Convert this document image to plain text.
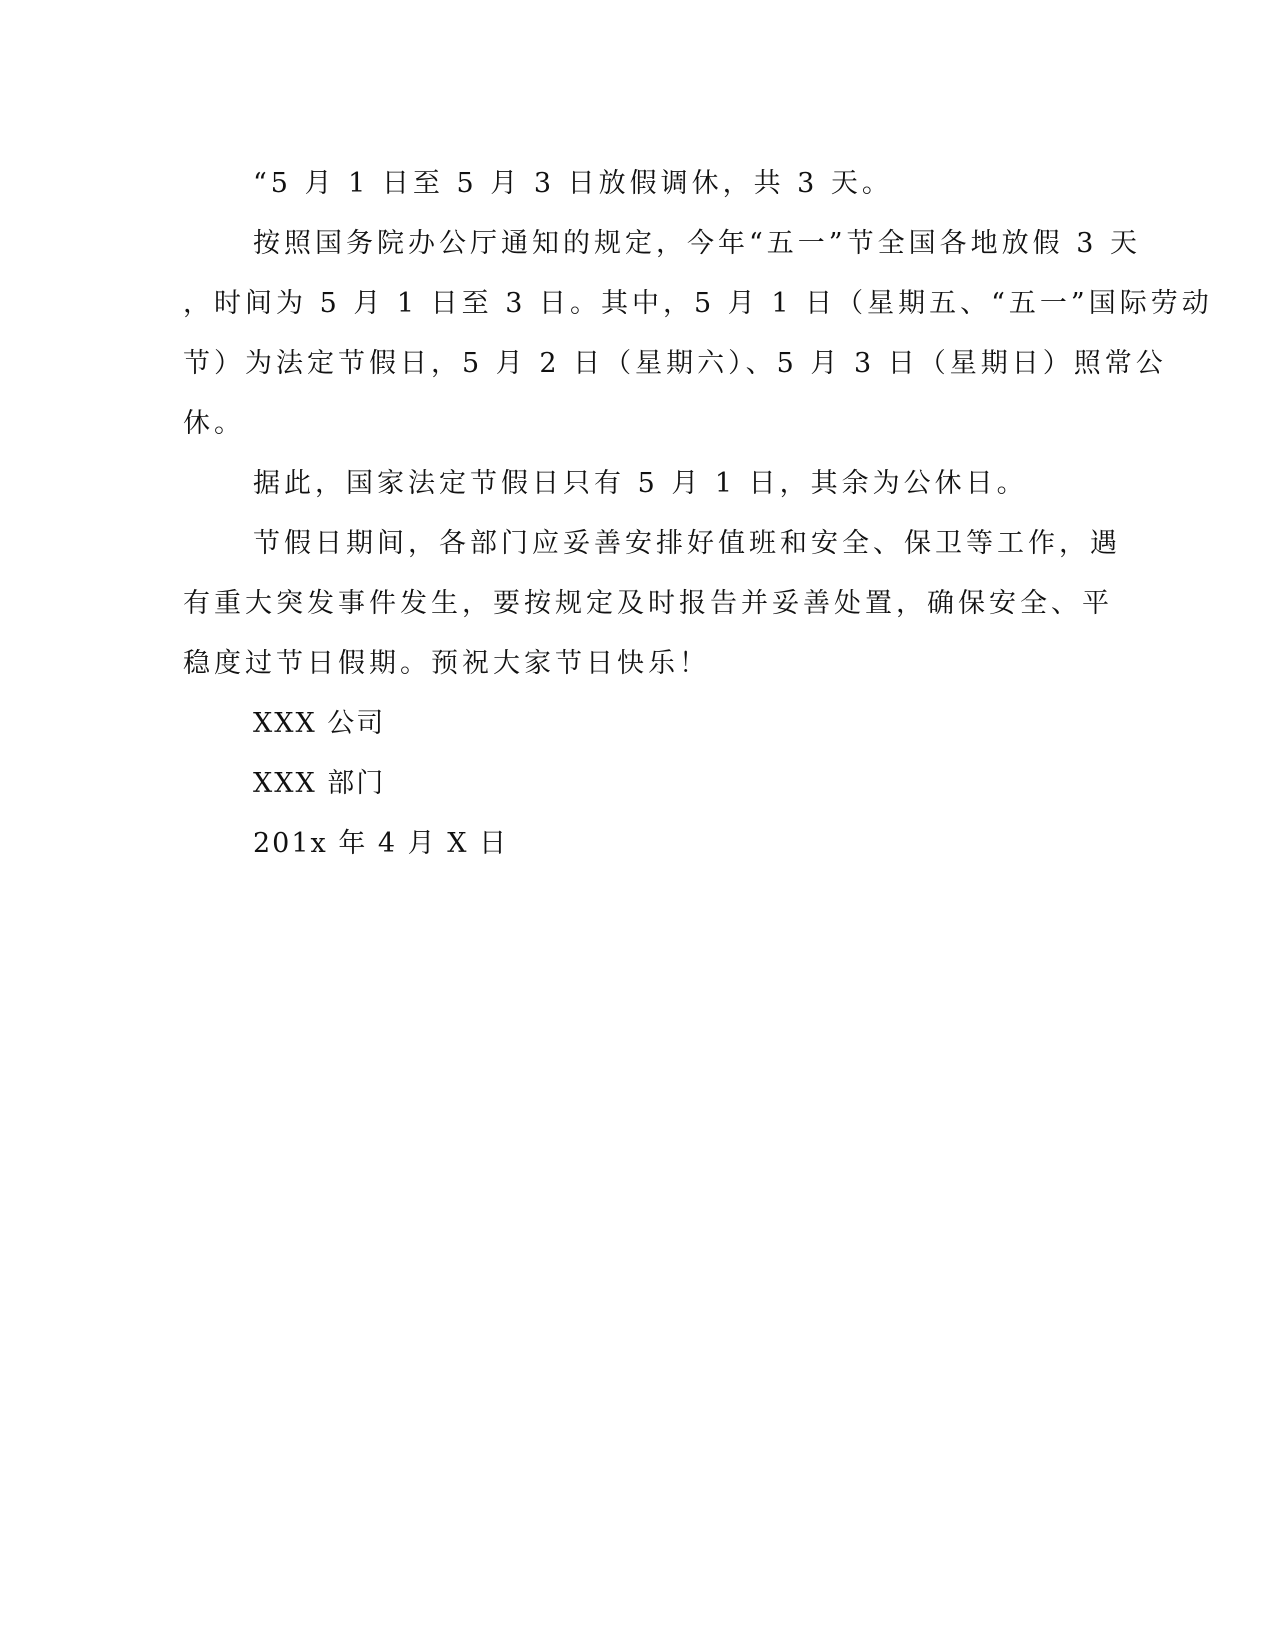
“5 月 1 日至 5 月 3 日放假调休，共 3 天。
按照国务院办公厅通知的规定，今年“五一”节全国各地放假 3 天
，时间为 5 月 1 日至 3 日。其中，5 月 1 日（星期五、“五一”国际劳动
节）为法定节假日，5 月 2 日（星期六）、5 月 3 日（星期日）照常公
休。
据此，国家法定节假日只有 5 月 1 日，其余为公休日。
节假日期间，各部门应妥善安排好值班和安全、保卫等工作，遇
有重大突发事件发生，要按规定及时报告并妥善处置，确保安全、平
稳度过节日假期。预祝大家节日快乐！
XXX 公司
XXX 部门
201x 年 4 月 X 日
